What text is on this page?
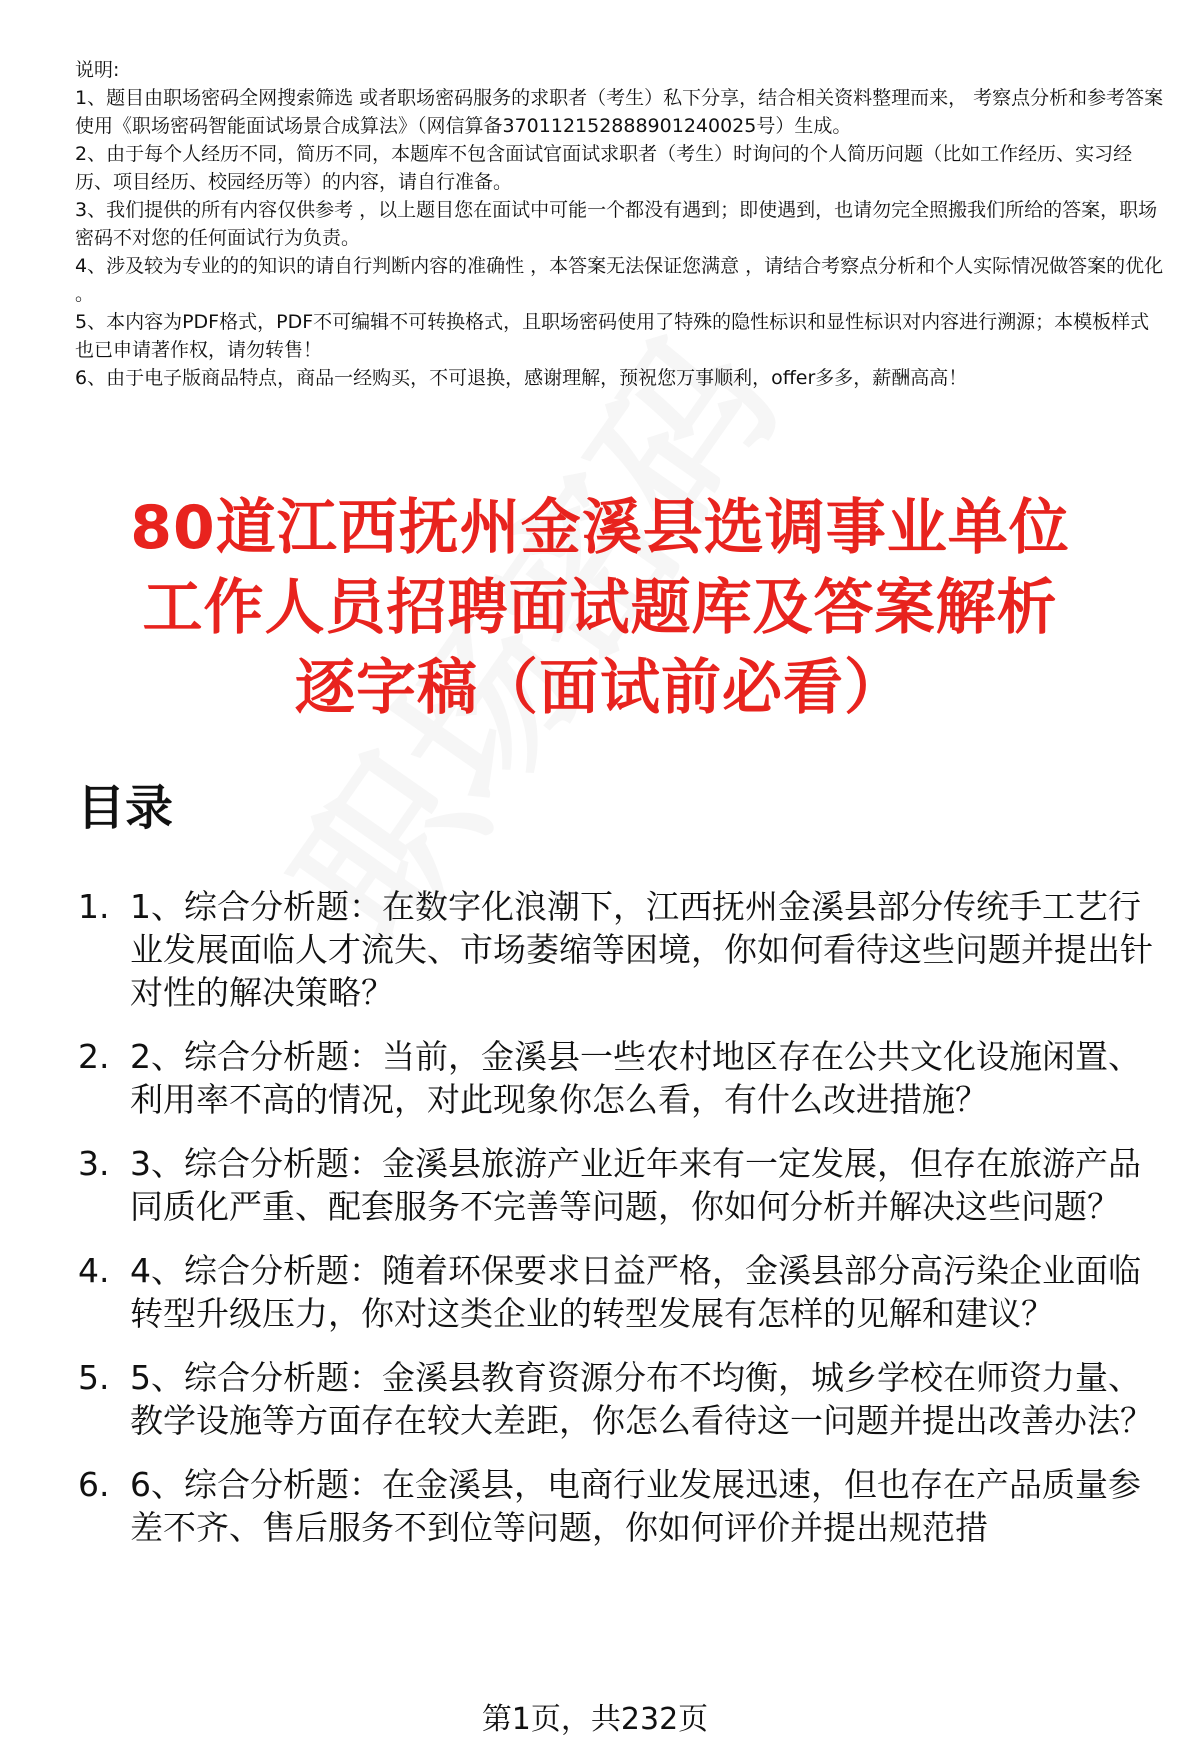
说明:

1、题目由职场密码全网搜索筛选 或者职场密码服务的求职者（考生）私下分享，结合相关资料整理而来， 考察点分析和参考答案使用《职场密码智能面试场景合成算法》（网信算备370112152888901240025号）生成。

2、由于每个人经历不同，简历不同，本题库不包含面试官面试求职者（考生）时询问的个人简历问题（比如工作经历、实习经历、项目经历、校园经历等）的内容，请自行准备。

3、我们提供的所有内容仅供参考 ，以上题目您在面试中可能一个都没有遇到；即使遇到，也请勿完全照搬我们所给的答案，职场密码不对您的任何面试行为负责。

4、涉及较为专业的的知识的请自行判断内容的准确性 ，本答案无法保证您满意 ，请结合考察点分析和个人实际情况做答案的优化 。

5、本内容为PDF格式，PDF不可编辑不可转换格式，且职场密码使用了特殊的隐性标识和显性标识对内容进行溯源；本模板样式也已申请著作权，请勿转售！

6、由于电子版商品特点，商品一经购买，不可退换，感谢理解，预祝您万事顺利，offer多多，薪酬高高！

80道江西抚州金溪县选调事业单位
工作人员招聘面试题库及答案解析
逐字稿（面试前必看）
目录
1. 1、综合分析题：在数字化浪潮下，江西抚州金溪县部分传统手工艺行业发展面临人才流失、市场萎缩等困境，你如何看待这些问题并提出针对性的解决策略？
2. 2、综合分析题：当前，金溪县一些农村地区存在公共文化设施闲置、利用率不高的情况，对此现象你怎么看，有什么改进措施？
3. 3、综合分析题：金溪县旅游产业近年来有一定发展，但存在旅游产品同质化严重、配套服务不完善等问题，你如何分析并解决这些问题？
4. 4、综合分析题：随着环保要求日益严格，金溪县部分高污染企业面临转型升级压力，你对这类企业的转型发展有怎样的见解和建议？
5. 5、综合分析题：金溪县教育资源分布不均衡，城乡学校在师资力量、教学设施等方面存在较大差距，你怎么看待这一问题并提出改善办法？
6. 6、综合分析题：在金溪县，电商行业发展迅速，但也存在产品质量参差不齐、售后服务不到位等问题，你如何评价并提出规范措
第1页，共232页
